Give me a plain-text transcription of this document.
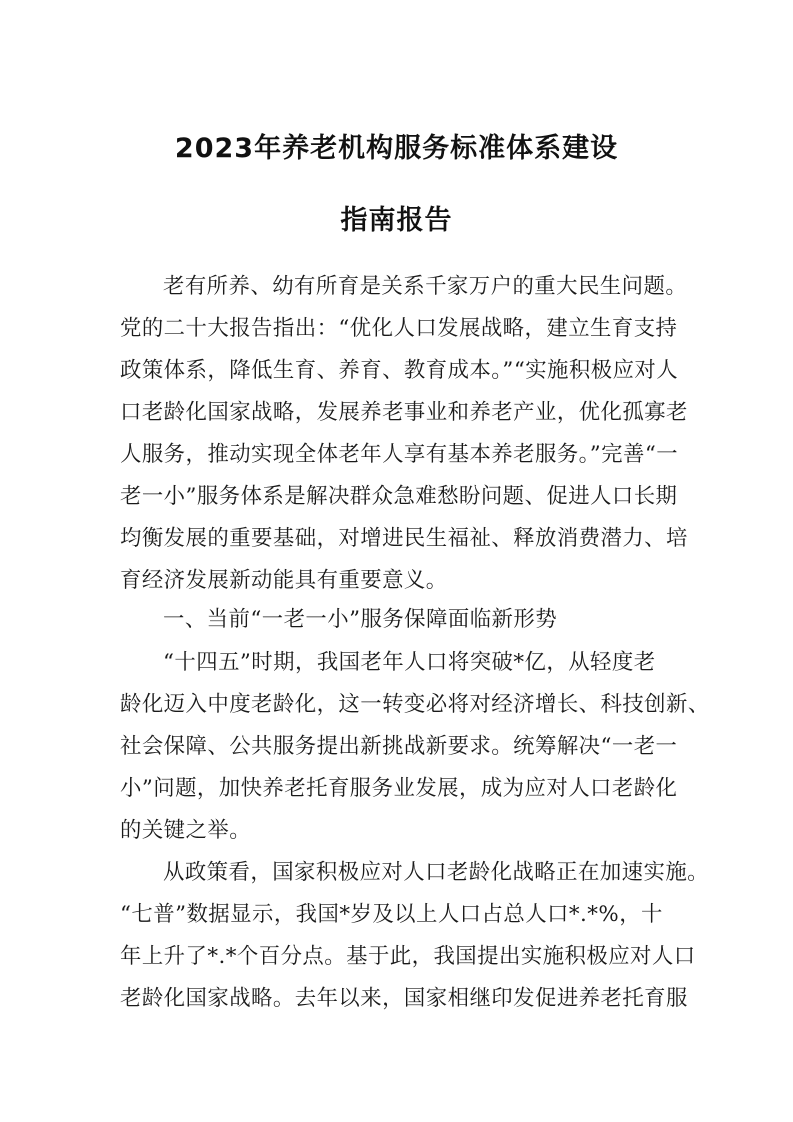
2023年养老机构服务标准体系建设
指南报告
老有所养、幼有所育是关系千家万户的重大民生问题。
党的二十大报告指出：“优化人口发展战略，建立生育支持
政策体系，降低生育、养育、教育成本。”“实施积极应对人
口老龄化国家战略，发展养老事业和养老产业，优化孤寡老
人服务，推动实现全体老年人享有基本养老服务。”完善“一
老一小”服务体系是解决群众急难愁盼问题、促进人口长期
均衡发展的重要基础，对增进民生福祉、释放消费潜力、培
育经济发展新动能具有重要意义。
一、当前“一老一小”服务保障面临新形势
“十四五”时期，我国老年人口将突破*亿，从轻度老
龄化迈入中度老龄化，这一转变必将对经济增长、科技创新、
社会保障、公共服务提出新挑战新要求。统筹解决“一老一
小”问题，加快养老托育服务业发展，成为应对人口老龄化
的关键之举。
从政策看，国家积极应对人口老龄化战略正在加速实施。
“七普”数据显示，我国*岁及以上人口占总人口*.*%，十
年上升了*.*个百分点。基于此，我国提出实施积极应对人口
老龄化国家战略。去年以来，国家相继印发促进养老托育服
